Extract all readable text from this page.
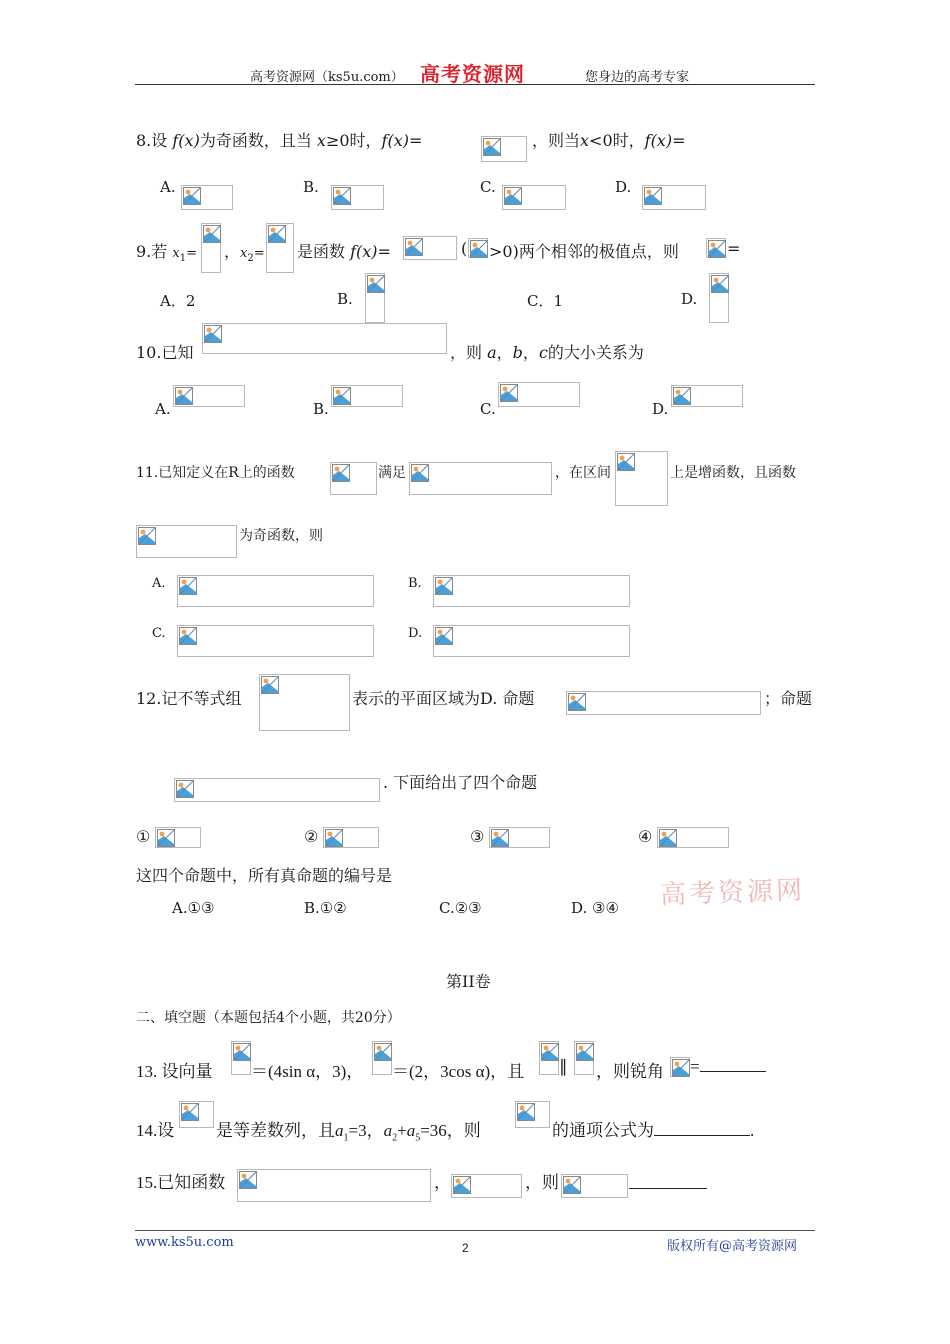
高考资源网（ks5u.com） 高考资源网	您身边的高考专家
8.设 f(x)为奇函数，且当 x≥0时，f(x)=	，则当x<0时，f(x)=
A.	B.	C.	D.
9.若 $x_1=$ ，$x_2=$ 是函数 f(x)=	( >0)两个相邻的极值点，则	=
A．2	B.	C．1	D.
10.已知	，则 a，b，c的大小关系为
A.	B.	C.	D.
11.已知定义在R上的函数	满足	，在区间	上是增函数，且函数
为奇函数，则
A.	B.
C.	D.
12.记不等式组	表示的平面区域为D. 命题	；命题
. 下面给出了四个命题
①	②	③	④
这四个命题中，所有真命题的编号是
A.①③	B.①②	C.②③	D. ③④ 高考资源网
第II卷
二、填空题（本题包括4个小题，共20分）
13. 设向量 ＝(4sin α，3)， ＝(2，3cos α)，且 ∥ ，则锐角 =
14.设 是等差数列，且$a_1=3$，$a_2+a_5=36$，则	的通项公式为	.
15.已知函数	，	，则
www.ks5u.com	2	版权所有@高考资源网
